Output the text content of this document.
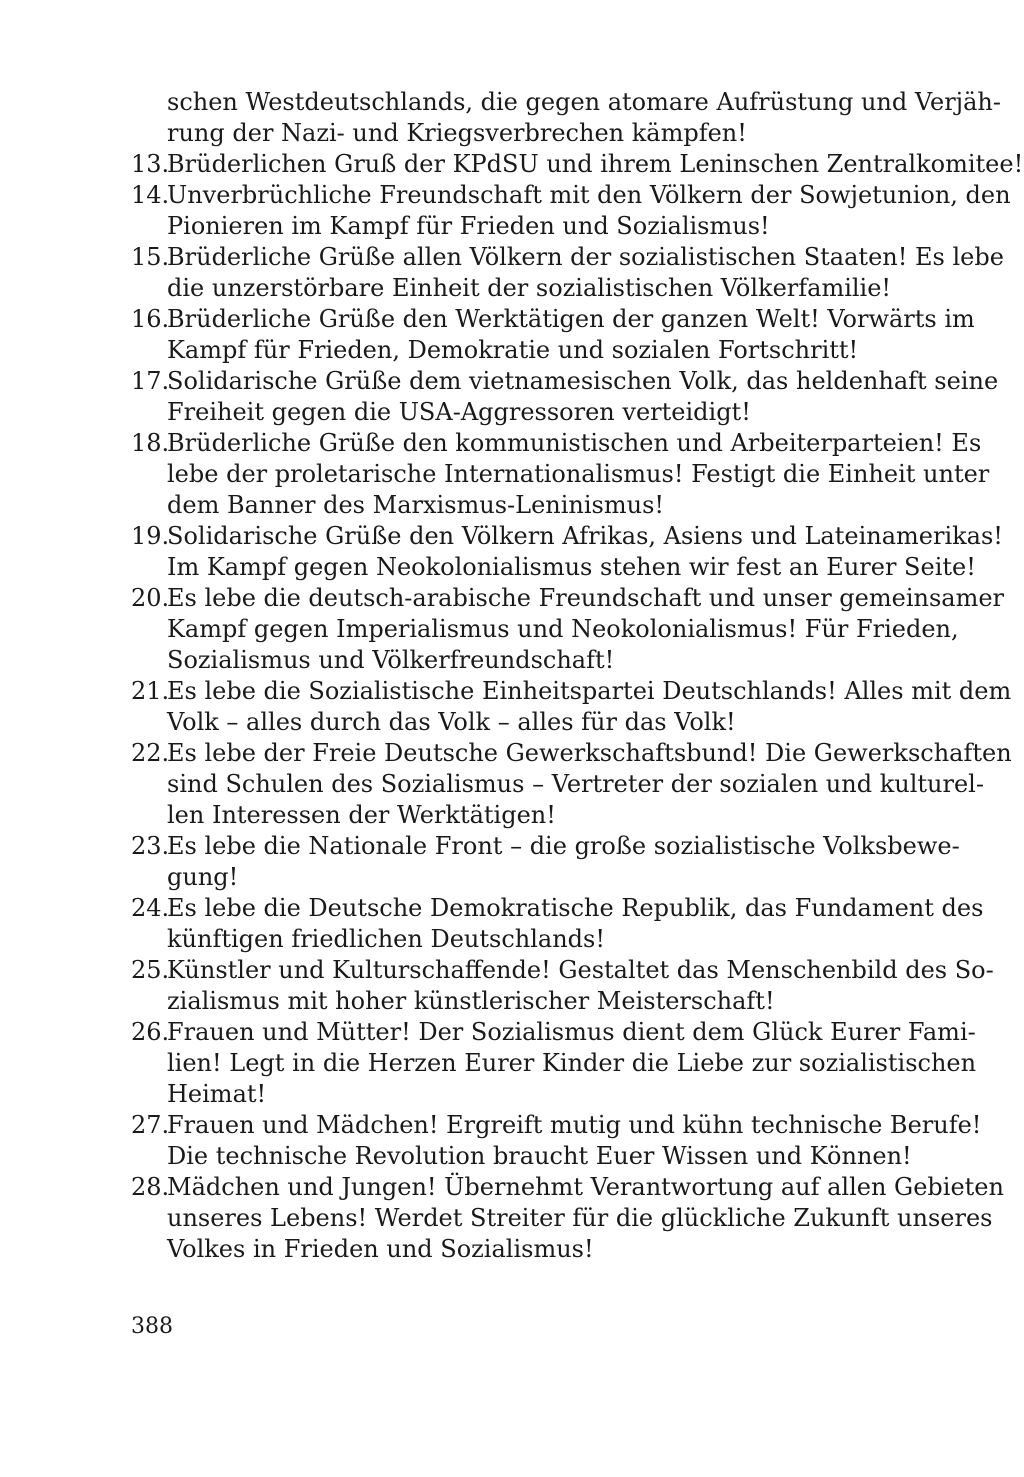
schen Westdeutschlands, die gegen atomare Aufrüstung und Verjäh-
rung der Nazi- und Kriegsverbrechen kämpfen!
13.
Brüderlichen Gruß der KPdSU und ihrem Leninschen Zentralkomitee!
14.
Unverbrüchliche Freundschaft mit den Völkern der Sowjetunion, den
Pionieren im Kampf für Frieden und Sozialismus!
15.
Brüderliche Grüße allen Völkern der sozialistischen Staaten! Es lebe
die unzerstörbare Einheit der sozialistischen Völkerfamilie!
16.
Brüderliche Grüße den Werktätigen der ganzen Welt! Vorwärts im
Kampf für Frieden, Demokratie und sozialen Fortschritt!
17.
Solidarische Grüße dem vietnamesischen Volk, das heldenhaft seine
Freiheit gegen die USA-Aggressoren verteidigt!
18.
Brüderliche Grüße den kommunistischen und Arbeiterparteien! Es
lebe der proletarische Internationalismus! Festigt die Einheit unter
dem Banner des Marxismus-Leninismus!
19.
Solidarische Grüße den Völkern Afrikas, Asiens und Lateinamerikas!
Im Kampf gegen Neokolonialismus stehen wir fest an Eurer Seite!
20.
Es lebe die deutsch-arabische Freundschaft und unser gemeinsamer
Kampf gegen Imperialismus und Neokolonialismus! Für Frieden,
Sozialismus und Völkerfreundschaft!
21.
Es lebe die Sozialistische Einheitspartei Deutschlands! Alles mit dem
Volk – alles durch das Volk – alles für das Volk!
22.
Es lebe der Freie Deutsche Gewerkschaftsbund! Die Gewerkschaften
sind Schulen des Sozialismus – Vertreter der sozialen und kulturel-
len Interessen der Werktätigen!
23.
Es lebe die Nationale Front – die große sozialistische Volksbewe-
gung!
24.
Es lebe die Deutsche Demokratische Republik, das Fundament des
künftigen friedlichen Deutschlands!
25.
Künstler und Kulturschaffende! Gestaltet das Menschenbild des So-
zialismus mit hoher künstlerischer Meisterschaft!
26.
Frauen und Mütter! Der Sozialismus dient dem Glück Eurer Fami-
lien! Legt in die Herzen Eurer Kinder die Liebe zur sozialistischen
Heimat!
27.
Frauen und Mädchen! Ergreift mutig und kühn technische Berufe!
Die technische Revolution braucht Euer Wissen und Können!
28.
Mädchen und Jungen! Übernehmt Verantwortung auf allen Gebieten
unseres Lebens! Werdet Streiter für die glückliche Zukunft unseres
Volkes in Frieden und Sozialismus!
388
